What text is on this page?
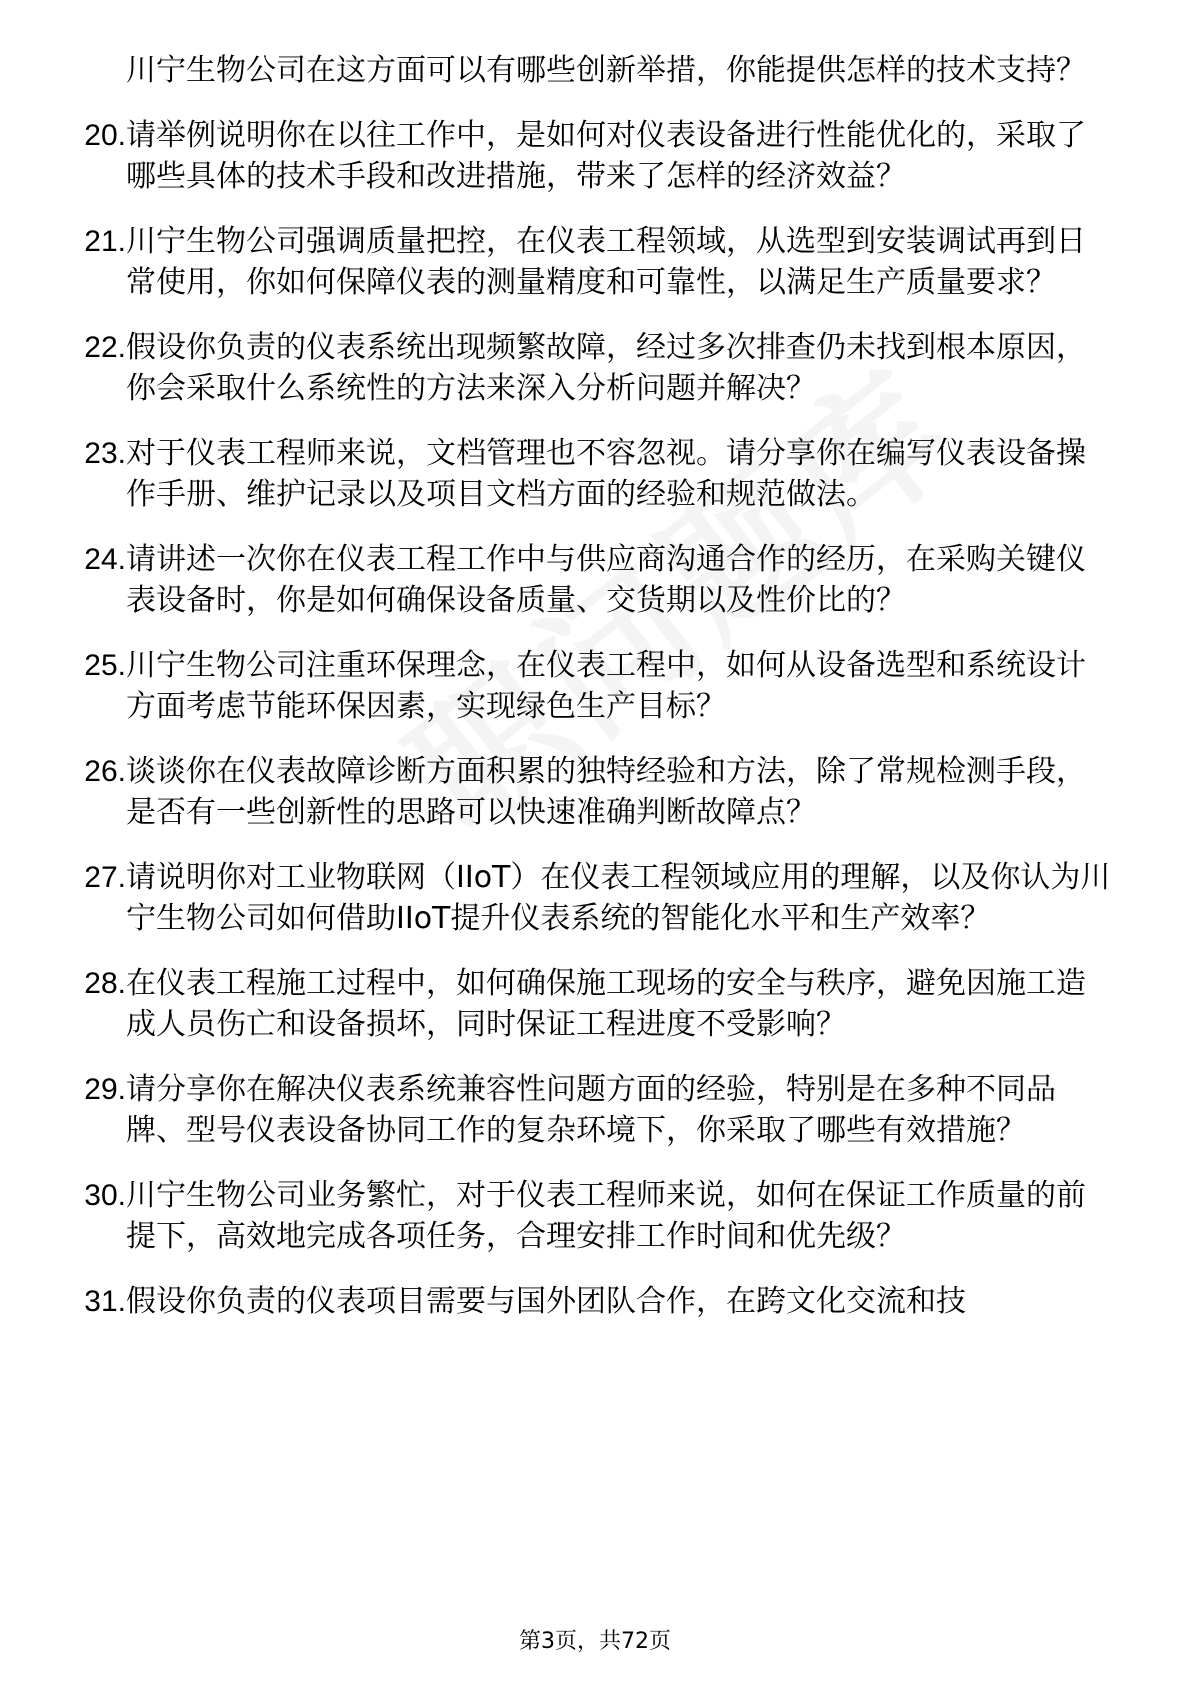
川宁生物公司在这方面可以有哪些创新举措，你能提供怎样的技术支持？
20. 请举例说明你在以往工作中，是如何对仪表设备进行性能优化的，采取了哪些具体的技术手段和改进措施，带来了怎样的经济效益？
21. 川宁生物公司强调质量把控，在仪表工程领域，从选型到安装调试再到日常使用，你如何保障仪表的测量精度和可靠性，以满足生产质量要求？
22. 假设你负责的仪表系统出现频繁故障，经过多次排查仍未找到根本原因，你会采取什么系统性的方法来深入分析问题并解决？
23. 对于仪表工程师来说，文档管理也不容忽视。请分享你在编写仪表设备操作手册、维护记录以及项目文档方面的经验和规范做法。
24. 请讲述一次你在仪表工程工作中与供应商沟通合作的经历，在采购关键仪表设备时，你是如何确保设备质量、交货期以及性价比的？
25. 川宁生物公司注重环保理念，在仪表工程中，如何从设备选型和系统设计方面考虑节能环保因素，实现绿色生产目标？
26. 谈谈你在仪表故障诊断方面积累的独特经验和方法，除了常规检测手段，是否有一些创新性的思路可以快速准确判断故障点？
27. 请说明你对工业物联网（IIoT）在仪表工程领域应用的理解，以及你认为川宁生物公司如何借助IIoT提升仪表系统的智能化水平和生产效率？
28. 在仪表工程施工过程中，如何确保施工现场的安全与秩序，避免因施工造成人员伤亡和设备损坏，同时保证工程进度不受影响？
29. 请分享你在解决仪表系统兼容性问题方面的经验，特别是在多种不同品牌、型号仪表设备协同工作的复杂环境下，你采取了哪些有效措施？
30. 川宁生物公司业务繁忙，对于仪表工程师来说，如何在保证工作质量的前提下，高效地完成各项任务，合理安排工作时间和优先级？
31. 假设你负责的仪表项目需要与国外团队合作，在跨文化交流和技
第3页，共72页
